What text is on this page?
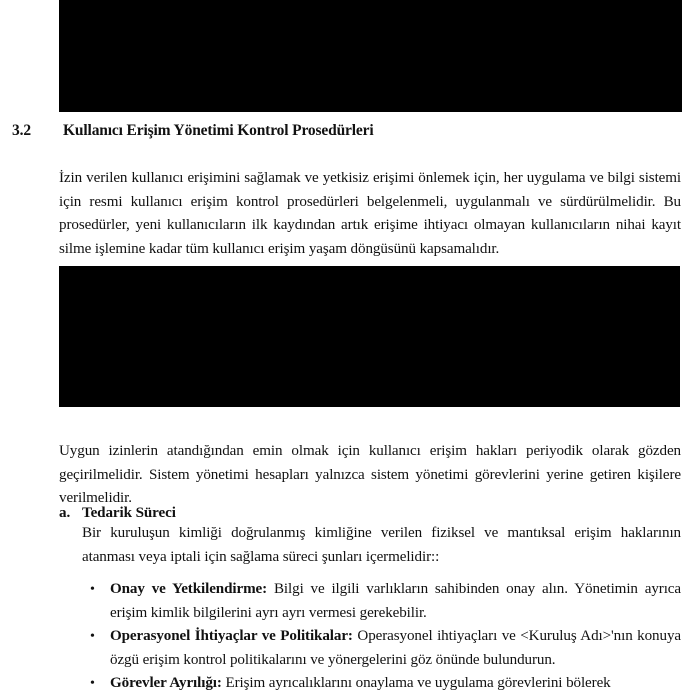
3.2	Kullanıcı Erişim Yönetimi Kontrol Prosedürleri

İzin verilen kullanıcı erişimini sağlamak ve yetkisiz erişimi önlemek için, her uygulama ve bilgi sistemi için resmi kullanıcı erişim kontrol prosedürleri belgelenmeli, uygulanmalı ve sürdürülmelidir. Bu prosedürler, yeni kullanıcıların ilk kaydından artık erişime ihtiyacı olmayan kullanıcıların nihai kayıt silme işlemine kadar tüm kullanıcı erişim yaşam döngüsünü kapsamalıdır.

Uygun izinlerin atandığından emin olmak için kullanıcı erişim hakları periyodik olarak gözden geçirilmelidir. Sistem yönetimi hesapları yalnızca sistem yönetimi görevlerini yerine getiren kişilere verilmelidir.

a. Tedarik Süreci
Bir kuruluşun kimliği doğrulanmış kimliğine verilen fiziksel ve mantıksal erişim haklarının atanması veya iptali için sağlama süreci şunları içermelidir::
• Onay ve Yetkilendirme: Bilgi ve ilgili varlıkların sahibinden onay alın. Yönetimin ayrıca erişim kimlik bilgilerini ayrı ayrı vermesi gerekebilir.
• Operasyonel İhtiyaçlar ve Politikalar: Operasyonel ihtiyaçları ve <Kuruluş Adı>'nın konuya özgü erişim kontrol politikalarını ve yönergelerini göz önünde bulundurun.
• Görevler Ayrılığı: Erişim ayrıcalıklarını onaylama ve uygulama görevlerini bölerek
